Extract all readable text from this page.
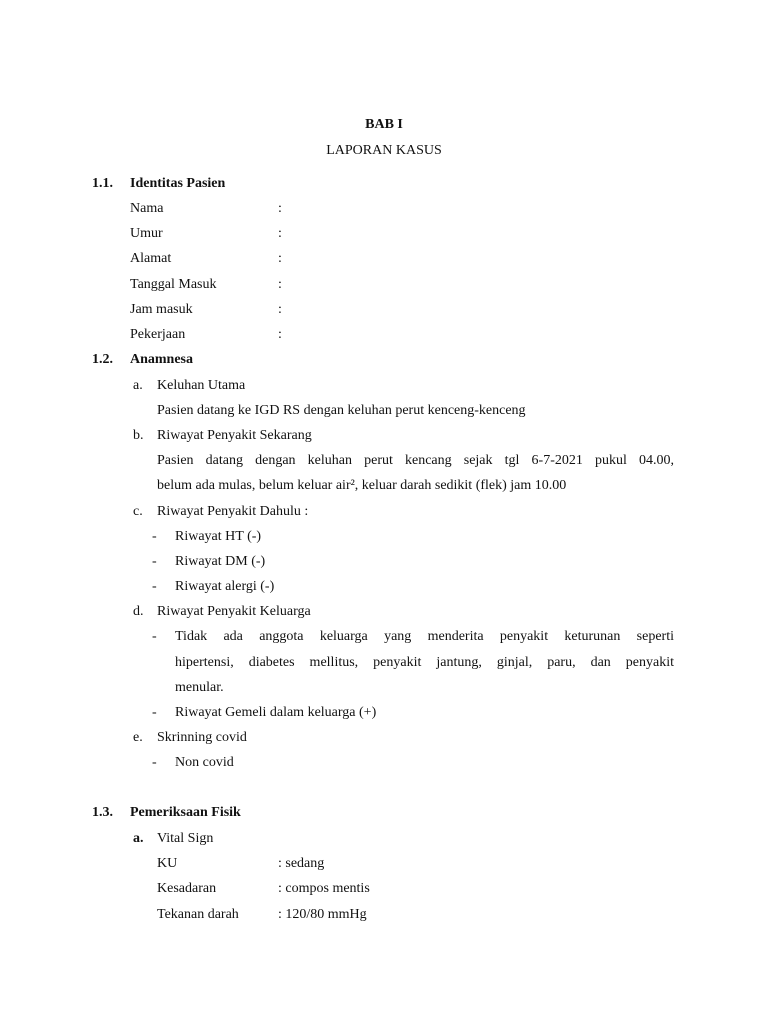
BAB I
LAPORAN KASUS
1.1. Identitas Pasien
Nama	:
Umur	:
Alamat	:
Tanggal Masuk	:
Jam masuk	:
Pekerjaan	:
1.2. Anamnesa
a. Keluhan Utama
Pasien datang ke IGD RS dengan keluhan perut kenceng-kenceng
b. Riwayat Penyakit Sekarang
Pasien datang dengan keluhan perut kencang sejak tgl 6-7-2021 pukul 04.00,
belum ada mulas, belum keluar air², keluar darah sedikit (flek) jam 10.00
c. Riwayat Penyakit Dahulu :
- Riwayat HT (-)
- Riwayat DM (-)
- Riwayat alergi (-)
d. Riwayat Penyakit Keluarga
- Tidak ada anggota keluarga yang menderita penyakit keturunan seperti
hipertensi, diabetes mellitus, penyakit jantung, ginjal, paru, dan penyakit
menular.
- Riwayat Gemeli dalam keluarga (+)
e. Skrinning covid
- Non covid
1.3. Pemeriksaan Fisik
a. Vital Sign
KU	: sedang
Kesadaran	: compos mentis
Tekanan darah	: 120/80 mmHg
